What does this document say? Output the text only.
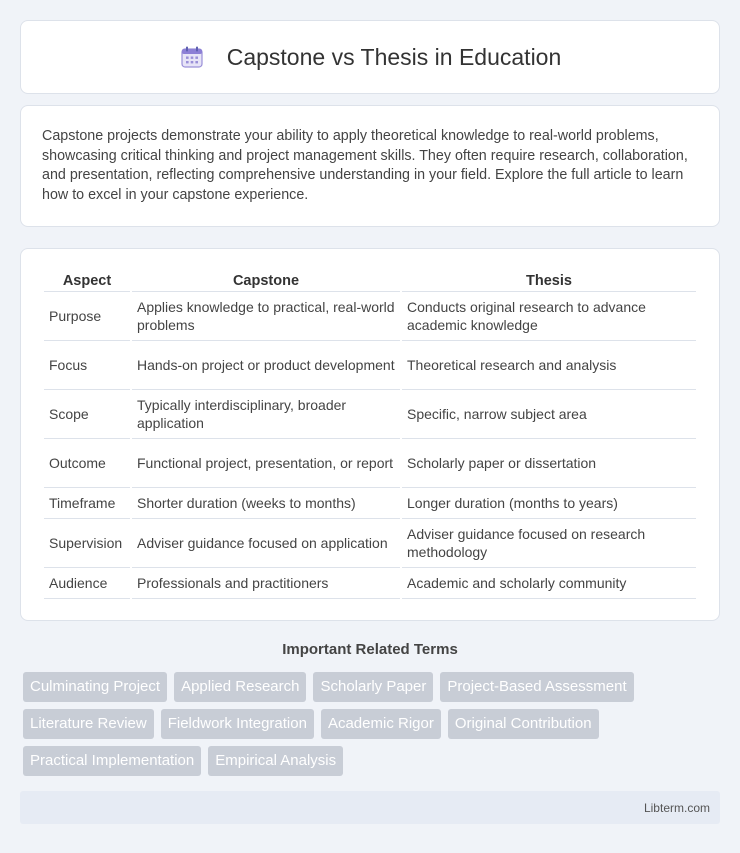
Capstone vs Thesis in Education

Capstone projects demonstrate your ability to apply theoretical knowledge to real-world problems, showcasing critical thinking and project management skills. They often require research, collaboration, and presentation, reflecting comprehensive understanding in your field. Explore the full article to learn how to excel in your capstone experience.

Aspect	Capstone	Thesis
Purpose	Applies knowledge to practical, real-world problems	Conducts original research to advance academic knowledge
Focus	Hands-on project or product development	Theoretical research and analysis
Scope	Typically interdisciplinary, broader application	Specific, narrow subject area
Outcome	Functional project, presentation, or report	Scholarly paper or dissertation
Timeframe	Shorter duration (weeks to months)	Longer duration (months to years)
Supervision	Adviser guidance focused on application	Adviser guidance focused on research methodology
Audience	Professionals and practitioners	Academic and scholarly community
Important Related Terms
Culminating Project	Applied Research	Scholarly Paper	Project-Based Assessment
Literature Review	Fieldwork Integration	Academic Rigor	Original Contribution
Practical Implementation	Empirical Analysis
Libterm.com
